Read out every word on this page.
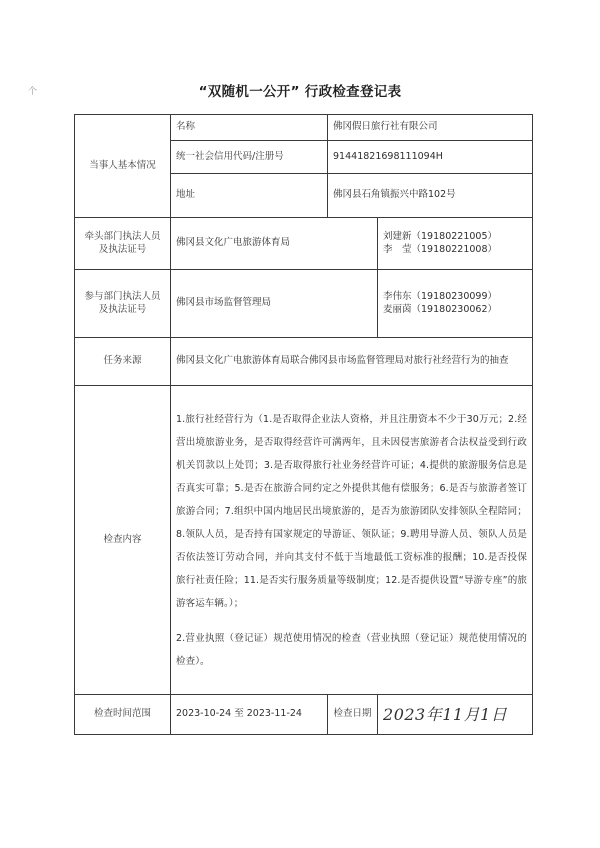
个	“双随机一公开” 行政检查登记表
当事人基本情况	名称	佛冈假日旅行社有限公司	
	统一社会信用代码/注册号	91441821698111094H	
	地址	佛冈县石角镇振兴中路102号	
牵头部门执法人员及执法证号	佛冈县文化广电旅游体育局		刘建新（19180221005）
李　莹（19180221008）

参与部门执法人员及执法证号	佛冈县市场监督管理局		李伟东（19180230099）
麦丽茵（19180230062）

任务来源	佛冈县文化广电旅游体育局联合佛冈县市场监督管理局对旅行社经营行为的抽查		
检查内容	1.旅行社经营行为（1.是否取得企业法人资格，并且注册资本不少于30万元；2.经营出境旅游业务，是否取得经营许可满两年，且未因侵害旅游者合法权益受到行政机关罚款以上处罚；3.是否取得旅行社业务经营许可证；4.提供的旅游服务信息是否真实可靠；5.是否在旅游合同约定之外提供其他有偿服务；6.是否与旅游者签订旅游合同；7.组织中国内地居民出境旅游的，是否为旅游团队安排领队全程陪同；8.领队人员，是否持有国家规定的导游证、领队证；9.聘用导游人员、领队人员是否依法签订劳动合同，并向其支付不低于当地最低工资标准的报酬；10.是否投保旅行社责任险；11.是否实行服务质量等级制度；12.是否提供设置“导游专座”的旅游客运车辆。）；

2.营业执照（登记证）规范使用情况的检查（营业执照（登记证）规范使用情况的检查）。		

检查时间范围	2023-10-24 至 2023-11-24	检查日期	2023年11月1日
